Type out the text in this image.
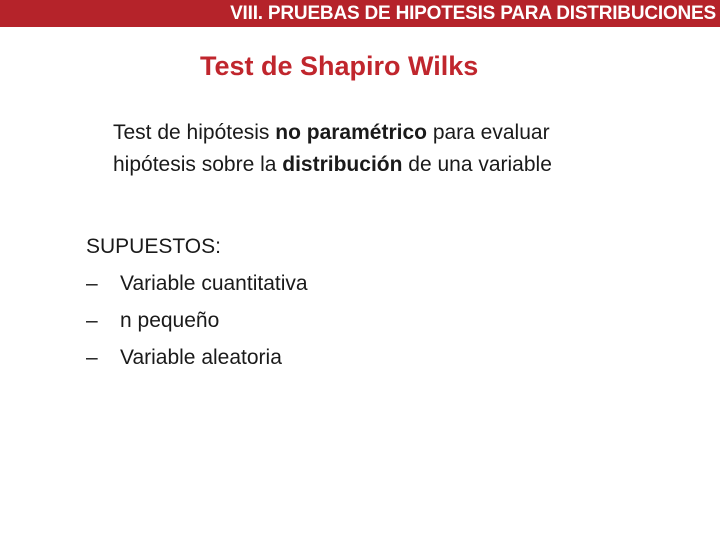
VIII. PRUEBAS DE HIPOTESIS PARA DISTRIBUCIONES
Test de Shapiro Wilks
Test de hipótesis no paramétrico para evaluar
hipótesis sobre la distribución de una variable
SUPUESTOS:
–	Variable cuantitativa
–	n pequeño
–	Variable aleatoria
